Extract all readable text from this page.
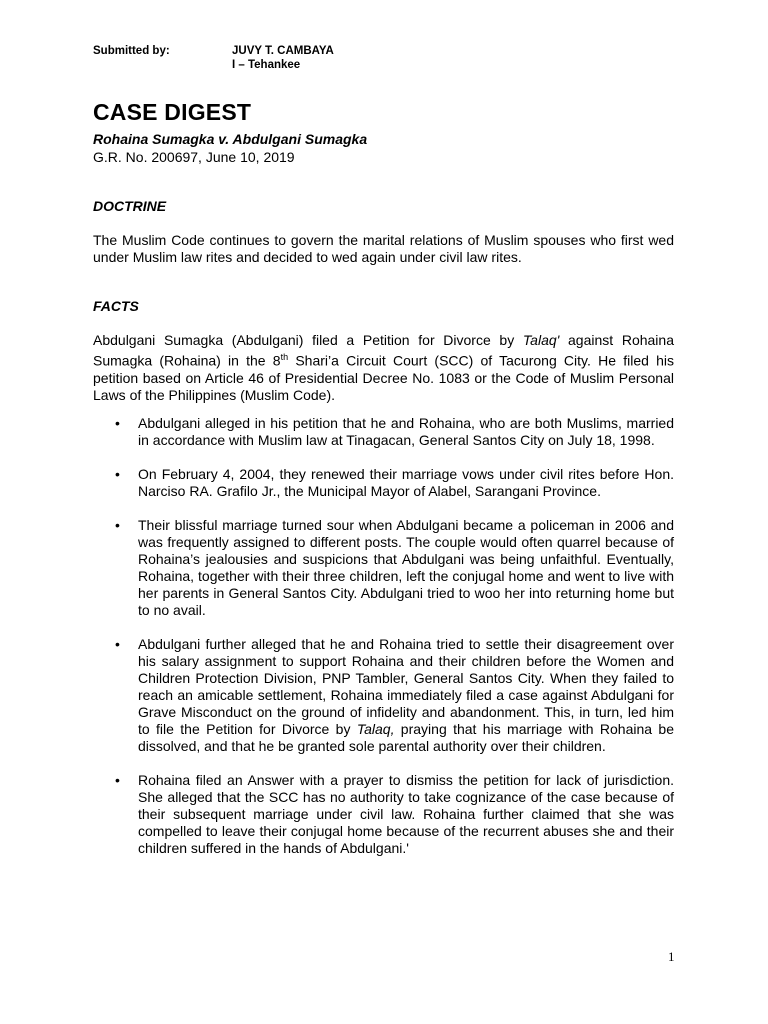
Submitted by:	JUVY T. CAMBAYA
I – Tehankee
CASE DIGEST
Rohaina Sumagka v. Abdulgani Sumagka
G.R. No. 200697, June 10, 2019
DOCTRINE
The Muslim Code continues to govern the marital relations of Muslim spouses who first wed under Muslim law rites and decided to wed again under civil law rites.
FACTS
Abdulgani Sumagka (Abdulgani) filed a Petition for Divorce by Talaq' against Rohaina Sumagka (Rohaina) in the 8th Shari’a Circuit Court (SCC) of Tacurong City. He filed his petition based on Article 46 of Presidential Decree No. 1083 or the Code of Muslim Personal Laws of the Philippines (Muslim Code).
• Abdulgani alleged in his petition that he and Rohaina, who are both Muslims, married in accordance with Muslim law at Tinagacan, General Santos City on July 18, 1998.
• On February 4, 2004, they renewed their marriage vows under civil rites before Hon. Narciso RA. Grafilo Jr., the Municipal Mayor of Alabel, Sarangani Province.
• Their blissful marriage turned sour when Abdulgani became a policeman in 2006 and was frequently assigned to different posts. The couple would often quarrel because of Rohaina’s jealousies and suspicions that Abdulgani was being unfaithful. Eventually, Rohaina, together with their three children, left the conjugal home and went to live with her parents in General Santos City. Abdulgani tried to woo her into returning home but to no avail.
• Abdulgani further alleged that he and Rohaina tried to settle their disagreement over his salary assignment to support Rohaina and their children before the Women and Children Protection Division, PNP Tambler, General Santos City. When they failed to reach an amicable settlement, Rohaina immediately filed a case against Abdulgani for Grave Misconduct on the ground of infidelity and abandonment. This, in turn, led him to file the Petition for Divorce by Talaq, praying that his marriage with Rohaina be dissolved, and that he be granted sole parental authority over their children.
• Rohaina filed an Answer with a prayer to dismiss the petition for lack of jurisdiction. She alleged that the SCC has no authority to take cognizance of the case because of their subsequent marriage under civil law. Rohaina further claimed that she was compelled to leave their conjugal home because of the recurrent abuses she and their children suffered in the hands of Abdulgani.'
1
